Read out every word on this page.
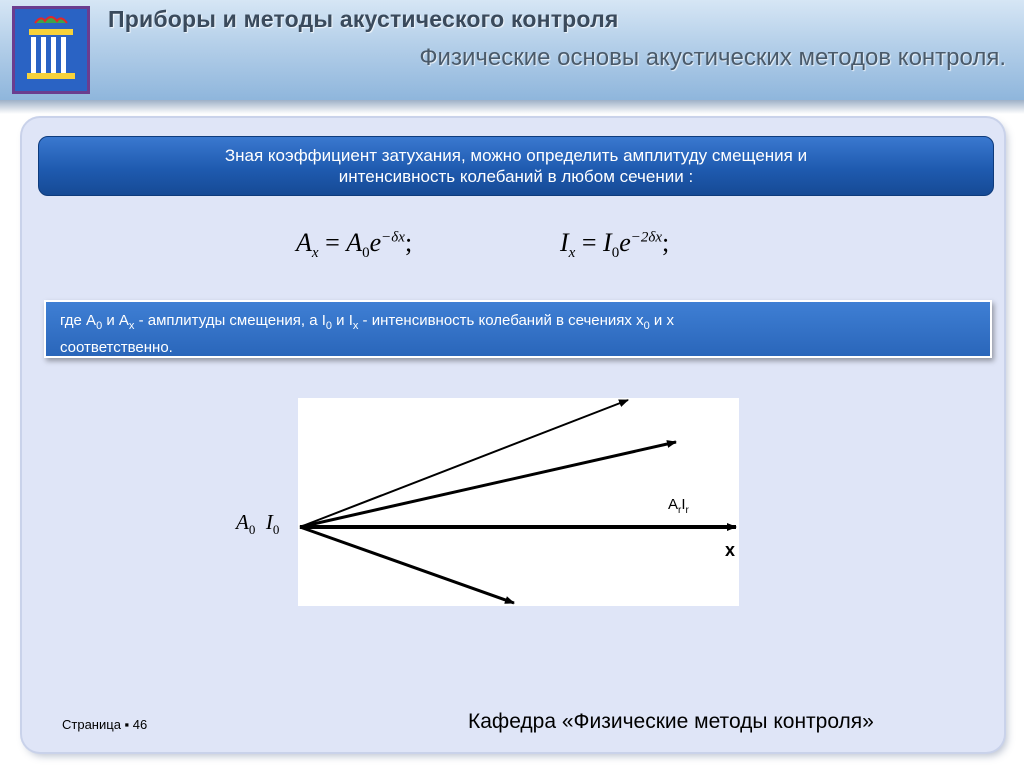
Приборы и методы акустического контроля
Физические основы акустических методов контроля.
Зная коэффициент затухания, можно определить амплитуду смещения и
интенсивность колебаний в любом сечении :
$A_x = A_0e^{-\delta x}$;	$I_x = I_0e^{-2\delta x}$;
где $А_0$ и $А_x$ - амплитуды смещения, а $I_0$ и $I_x$ - интенсивность колебаний в сечениях $x_0$ и x
соответственно.
$A_0$ $I_0$
$A_rI_r$
x
Страница ▪ 46	Кафедра «Физические методы контроля»
